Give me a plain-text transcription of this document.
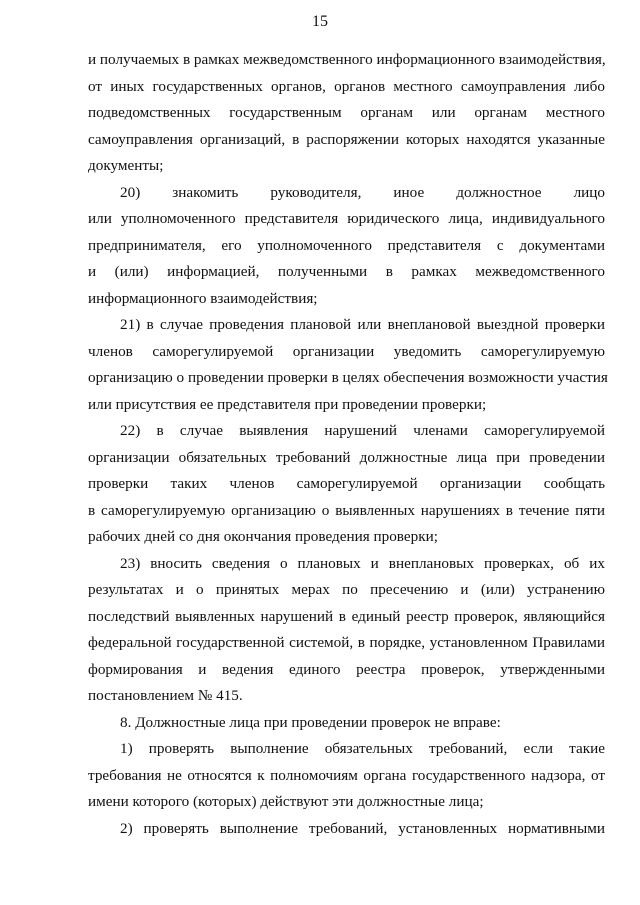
15
и получаемых в рамках межведомственного информационного взаимодействия,
от иных государственных органов, органов местного самоуправления либо
подведомственных государственным органам или органам местного
самоуправления организаций, в распоряжении которых находятся указанные
документы;
20) знакомить руководителя, иное должностное лицо
или уполномоченного представителя юридического лица, индивидуального
предпринимателя, его уполномоченного представителя с документами
и (или) информацией, полученными в рамках межведомственного
информационного взаимодействия;
21) в случае проведения плановой или внеплановой выездной проверки
членов саморегулируемой организации уведомить саморегулируемую
организацию о проведении проверки в целях обеспечения возможности участия
или присутствия ее представителя при проведении проверки;
22) в случае выявления нарушений членами саморегулируемой
организации обязательных требований должностные лица при проведении
проверки таких членов саморегулируемой организации сообщать
в саморегулируемую организацию о выявленных нарушениях в течение пяти
рабочих дней со дня окончания проведения проверки;
23) вносить сведения о плановых и внеплановых проверках, об их
результатах и о принятых мерах по пресечению и (или) устранению
последствий выявленных нарушений в единый реестр проверок, являющийся
федеральной государственной системой, в порядке, установленном Правилами
формирования и ведения единого реестра проверок, утвержденными
постановлением № 415.
8. Должностные лица при проведении проверок не вправе:
1) проверять выполнение обязательных требований, если такие
требования не относятся к полномочиям органа государственного надзора, от
имени которого (которых) действуют эти должностные лица;
2) проверять выполнение требований, установленных нормативными
